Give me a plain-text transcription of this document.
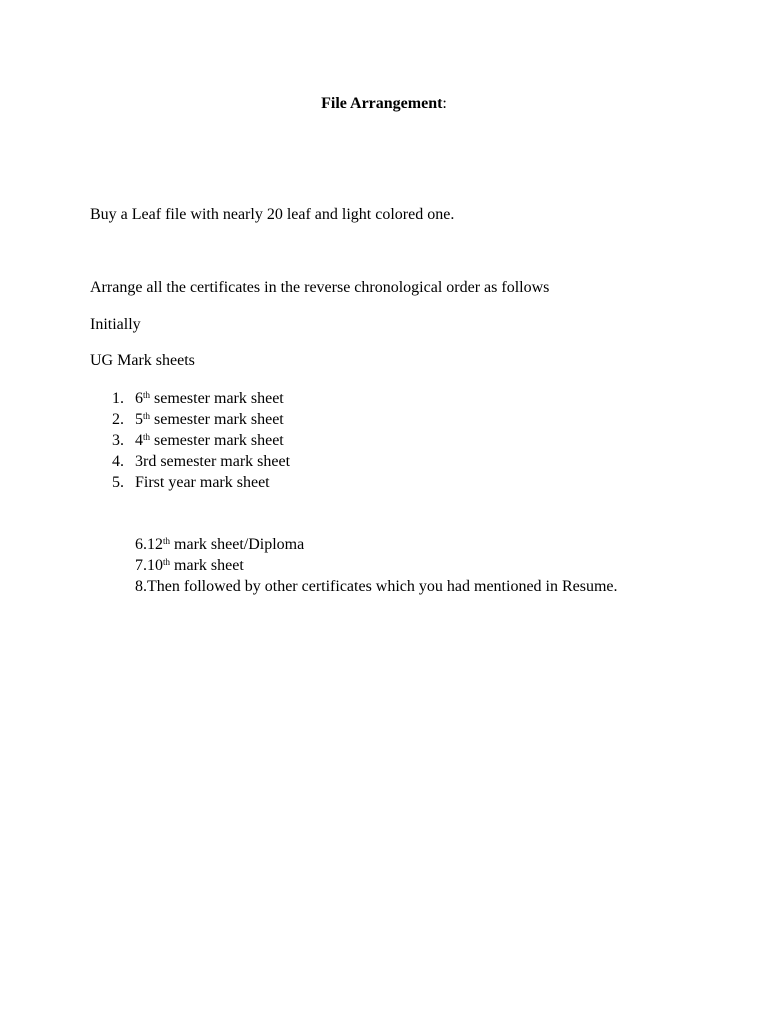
File Arrangement:
Buy a Leaf file with nearly 20 leaf and light colored one.
Arrange all the certificates in the reverse chronological order as follows
Initially
UG Mark sheets
1. 6th semester mark sheet
2. 5th semester mark sheet
3. 4th semester mark sheet
4. 3rd semester mark sheet
5. First year mark sheet
6.12th mark sheet/Diploma
7.10th mark sheet
8.Then followed by other certificates which you had mentioned in Resume.
